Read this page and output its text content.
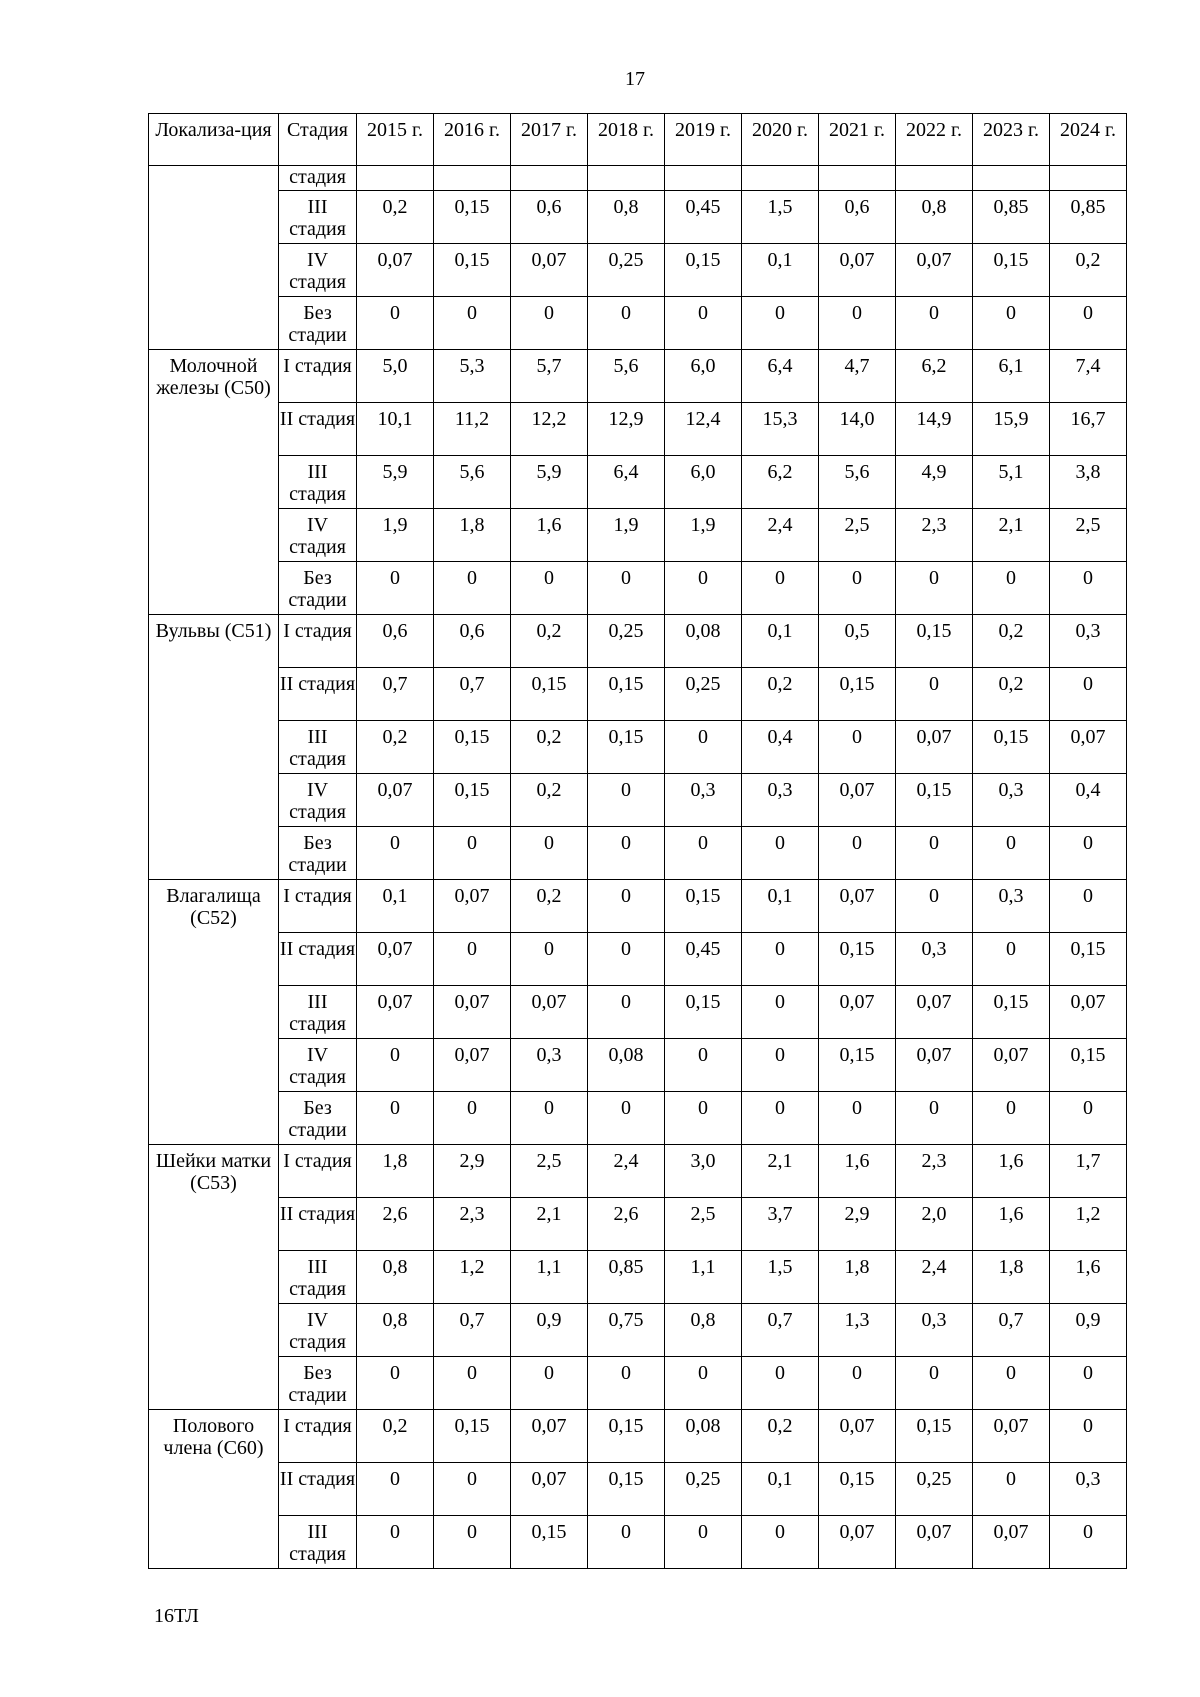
17
Локализа-ция	Стадия	2015 г.	2016 г.	2017 г.	2018 г.	2019 г.	2020 г.	2021 г.	2022 г.	2023 г.	2024 г.
	стадия										
	III стадия	0,2	0,15	0,6	0,8	0,45	1,5	0,6	0,8	0,85	0,85
	IV стадия	0,07	0,15	0,07	0,25	0,15	0,1	0,07	0,07	0,15	0,2
	Без стадии	0	0	0	0	0	0	0	0	0	0
Молочной железы (C50)	I стадия	5,0	5,3	5,7	5,6	6,0	6,4	4,7	6,2	6,1	7,4
	II стадия	10,1	11,2	12,2	12,9	12,4	15,3	14,0	14,9	15,9	16,7
	III стадия	5,9	5,6	5,9	6,4	6,0	6,2	5,6	4,9	5,1	3,8
	IV стадия	1,9	1,8	1,6	1,9	1,9	2,4	2,5	2,3	2,1	2,5
	Без стадии	0	0	0	0	0	0	0	0	0	0
Вульвы (C51)	I стадия	0,6	0,6	0,2	0,25	0,08	0,1	0,5	0,15	0,2	0,3
	II стадия	0,7	0,7	0,15	0,15	0,25	0,2	0,15	0	0,2	0
	III стадия	0,2	0,15	0,2	0,15	0	0,4	0	0,07	0,15	0,07
	IV стадия	0,07	0,15	0,2	0	0,3	0,3	0,07	0,15	0,3	0,4
	Без стадии	0	0	0	0	0	0	0	0	0	0
Влагалища (C52)	I стадия	0,1	0,07	0,2	0	0,15	0,1	0,07	0	0,3	0
	II стадия	0,07	0	0	0	0,45	0	0,15	0,3	0	0,15
	III стадия	0,07	0,07	0,07	0	0,15	0	0,07	0,07	0,15	0,07
	IV стадия	0	0,07	0,3	0,08	0	0	0,15	0,07	0,07	0,15
	Без стадии	0	0	0	0	0	0	0	0	0	0
Шейки матки (C53)	I стадия	1,8	2,9	2,5	2,4	3,0	2,1	1,6	2,3	1,6	1,7
	II стадия	2,6	2,3	2,1	2,6	2,5	3,7	2,9	2,0	1,6	1,2
	III стадия	0,8	1,2	1,1	0,85	1,1	1,5	1,8	2,4	1,8	1,6
	IV стадия	0,8	0,7	0,9	0,75	0,8	0,7	1,3	0,3	0,7	0,9
	Без стадии	0	0	0	0	0	0	0	0	0	0
Полового члена (C60)	I стадия	0,2	0,15	0,07	0,15	0,08	0,2	0,07	0,15	0,07	0
	II стадия	0	0	0,07	0,15	0,25	0,1	0,15	0,25	0	0,3
	III стадия	0	0	0,15	0	0	0	0,07	0,07	0,07	0
16ТЛ
